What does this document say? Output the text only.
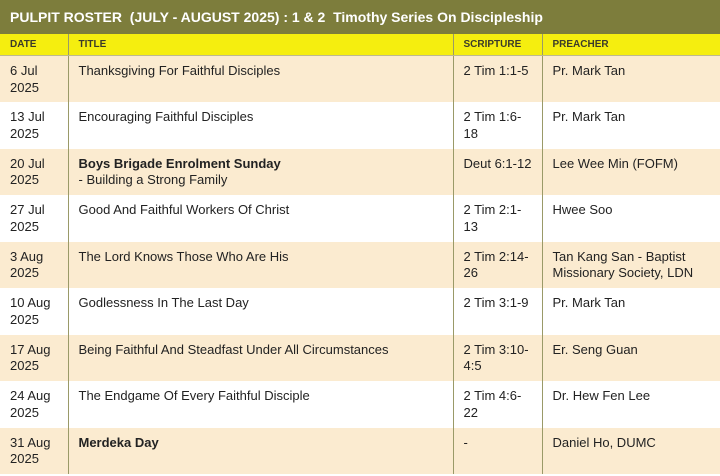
PULPIT ROSTER  (JULY - AUGUST 2025) : 1 & 2  Timothy Series On Discipleship
DATE	TITLE	SCRIPTURE	PREACHER
6 Jul 2025	Thanksgiving For Faithful Disciples	2 Tim 1:1-5	Pr. Mark Tan
13 Jul 2025	Encouraging Faithful Disciples	2 Tim 1:6-18	Pr. Mark Tan
20 Jul 2025	Boys Brigade Enrolment Sunday
- Building a Strong Family	Deut 6:1-12	Lee Wee Min (FOFM)
27 Jul 2025	Good And Faithful Workers Of Christ	2 Tim 2:1-13	Hwee Soo
3 Aug 2025	The Lord Knows Those Who Are His	2 Tim 2:14-26	Tan Kang San - Baptist Missionary Society, LDN
10 Aug 2025	Godlessness In The Last Day	2 Tim 3:1-9	Pr. Mark Tan
17 Aug 2025	Being Faithful And Steadfast Under All Circumstances	2 Tim 3:10-4:5	Er. Seng Guan
24 Aug 2025	The Endgame Of Every Faithful Disciple	2 Tim 4:6-22	Dr. Hew Fen Lee
31 Aug 2025	Merdeka Day	-	Daniel Ho, DUMC
